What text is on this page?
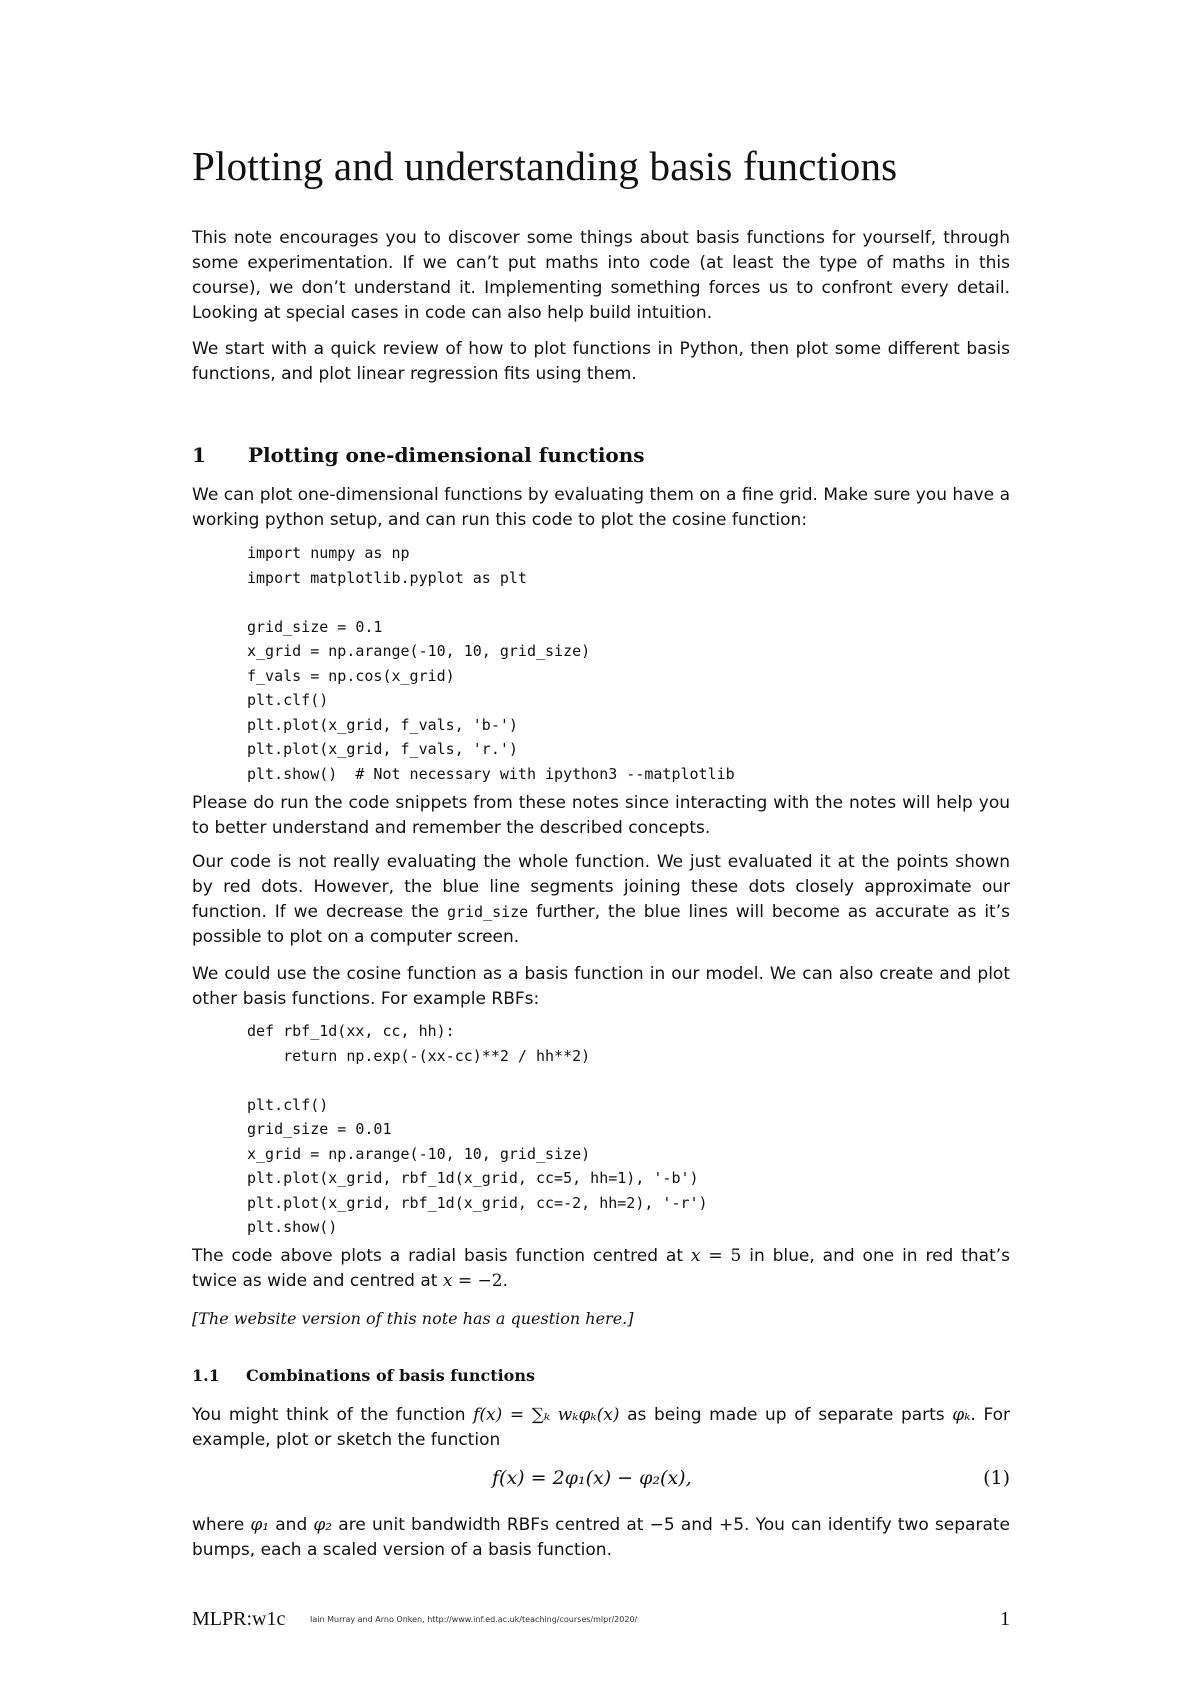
Plotting and understanding basis functions

This note encourages you to discover some things about basis functions for yourself, through some experimentation. If we can’t put maths into code (at least the type of maths in this course), we don’t understand it. Implementing something forces us to confront every detail. Looking at special cases in code can also help build intuition.

We start with a quick review of how to plot functions in Python, then plot some different basis functions, and plot linear regression fits using them.

1 Plotting one-dimensional functions

We can plot one-dimensional functions by evaluating them on a fine grid. Make sure you have a working python setup, and can run this code to plot the cosine function:

import numpy as np
import matplotlib.pyplot as plt

grid_size = 0.1
x_grid = np.arange(-10, 10, grid_size)
f_vals = np.cos(x_grid)
plt.clf()
plt.plot(x_grid, f_vals, 'b-')
plt.plot(x_grid, f_vals, 'r.')
plt.show()  # Not necessary with ipython3 --matplotlib

Please do run the code snippets from these notes since interacting with the notes will help you to better understand and remember the described concepts.

Our code is not really evaluating the whole function. We just evaluated it at the points shown by red dots. However, the blue line segments joining these dots closely approximate our function. If we decrease the grid_size further, the blue lines will become as accurate as it’s possible to plot on a computer screen.

We could use the cosine function as a basis function in our model. We can also create and plot other basis functions. For example RBFs:

def rbf_1d(xx, cc, hh):
return np.exp(-(xx-cc)**2 / hh**2)

plt.clf()
grid_size = 0.01
x_grid = np.arange(-10, 10, grid_size)
plt.plot(x_grid, rbf_1d(x_grid, cc=5, hh=1), '-b')
plt.plot(x_grid, rbf_1d(x_grid, cc=-2, hh=2), '-r')
plt.show()

The code above plots a radial basis function centred at x = 5 in blue, and one in red that’s twice as wide and centred at x = −2.

[The website version of this note has a question here.]

1.1 Combinations of basis functions

You might think of the function f(x) = ∑ₖ wₖφₖ(x) as being made up of separate parts φₖ. For example, plot or sketch the function

f(x) = 2φ₁(x) − φ₂(x),	(1)

where φ₁ and φ₂ are unit bandwidth RBFs centred at −5 and +5. You can identify two separate bumps, each a scaled version of a basis function.

MLPR:w1c	Iain Murray and Arno Onken, http://www.inf.ed.ac.uk/teaching/courses/mlpr/2020/	1
